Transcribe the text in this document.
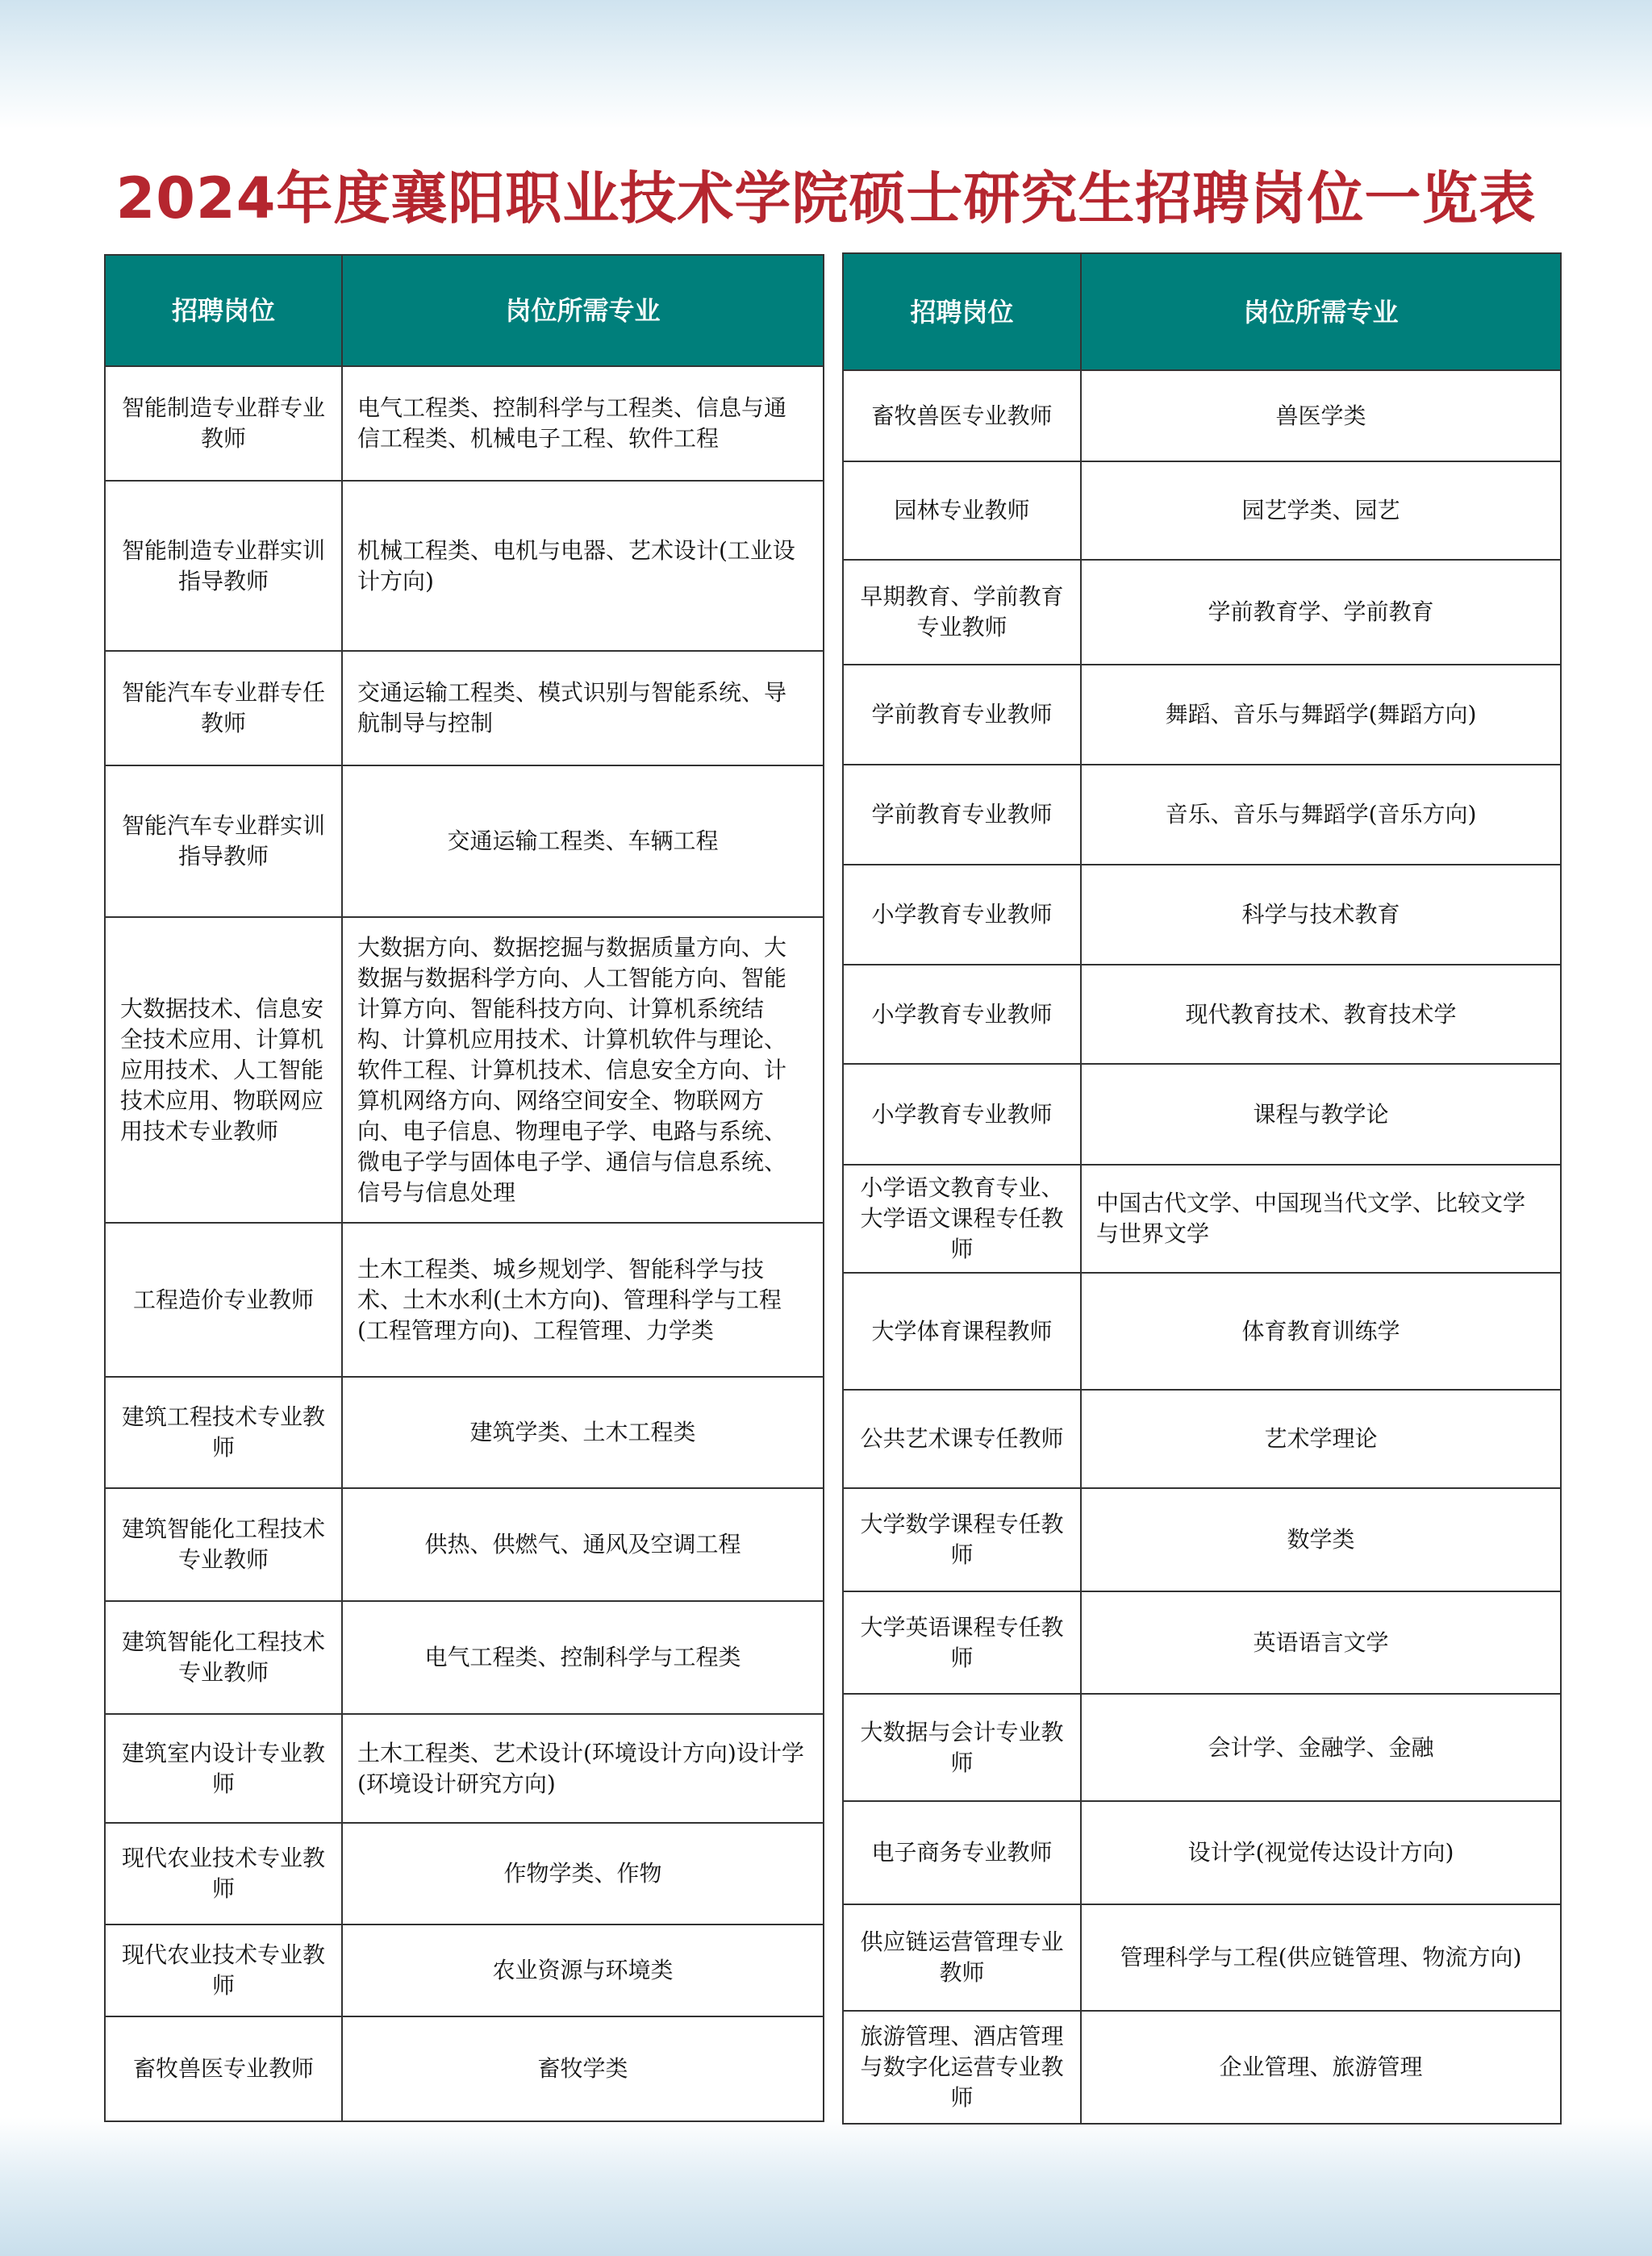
2024年度襄阳职业技术学院硕士研究生招聘岗位一览表
招聘岗位	岗位所需专业
智能制造专业群专业教师	电气工程类、控制科学与工程类、信息与通信工程类、机械电子工程、软件工程
智能制造专业群实训指导教师	机械工程类、电机与电器、艺术设计(工业设计方向)
智能汽车专业群专任教师	交通运输工程类、模式识别与智能系统、导航制导与控制
智能汽车专业群实训指导教师	交通运输工程类、车辆工程
大数据技术、信息安全技术应用、计算机应用技术、人工智能技术应用、物联网应用技术专业教师	大数据方向、数据挖掘与数据质量方向、大数据与数据科学方向、人工智能方向、智能计算方向、智能科技方向、计算机系统结构、计算机应用技术、计算机软件与理论、软件工程、计算机技术、信息安全方向、计算机网络方向、网络空间安全、物联网方向、电子信息、物理电子学、电路与系统、微电子学与固体电子学、通信与信息系统、信号与信息处理
工程造价专业教师	土木工程类、城乡规划学、智能科学与技术、土木水利(土木方向)、管理科学与工程(工程管理方向)、工程管理、力学类
建筑工程技术专业教师	建筑学类、土木工程类
建筑智能化工程技术专业教师	供热、供燃气、通风及空调工程
建筑智能化工程技术专业教师	电气工程类、控制科学与工程类
建筑室内设计专业教师	土木工程类、艺术设计(环境设计方向)设计学(环境设计研究方向)
现代农业技术专业教师	作物学类、作物
现代农业技术专业教师	农业资源与环境类
畜牧兽医专业教师	畜牧学类
招聘岗位	岗位所需专业
畜牧兽医专业教师	兽医学类
园林专业教师	园艺学类、园艺
早期教育、学前教育专业教师	学前教育学、学前教育
学前教育专业教师	舞蹈、音乐与舞蹈学(舞蹈方向)
学前教育专业教师	音乐、音乐与舞蹈学(音乐方向)
小学教育专业教师	科学与技术教育
小学教育专业教师	现代教育技术、教育技术学
小学教育专业教师	课程与教学论
小学语文教育专业、大学语文课程专任教师	中国古代文学、中国现当代文学、比较文学与世界文学
大学体育课程教师	体育教育训练学
公共艺术课专任教师	艺术学理论
大学数学课程专任教师	数学类
大学英语课程专任教师	英语语言文学
大数据与会计专业教师	会计学、金融学、金融
电子商务专业教师	设计学(视觉传达设计方向)
供应链运营管理专业教师	管理科学与工程(供应链管理、物流方向)
旅游管理、酒店管理与数字化运营专业教师	企业管理、旅游管理
